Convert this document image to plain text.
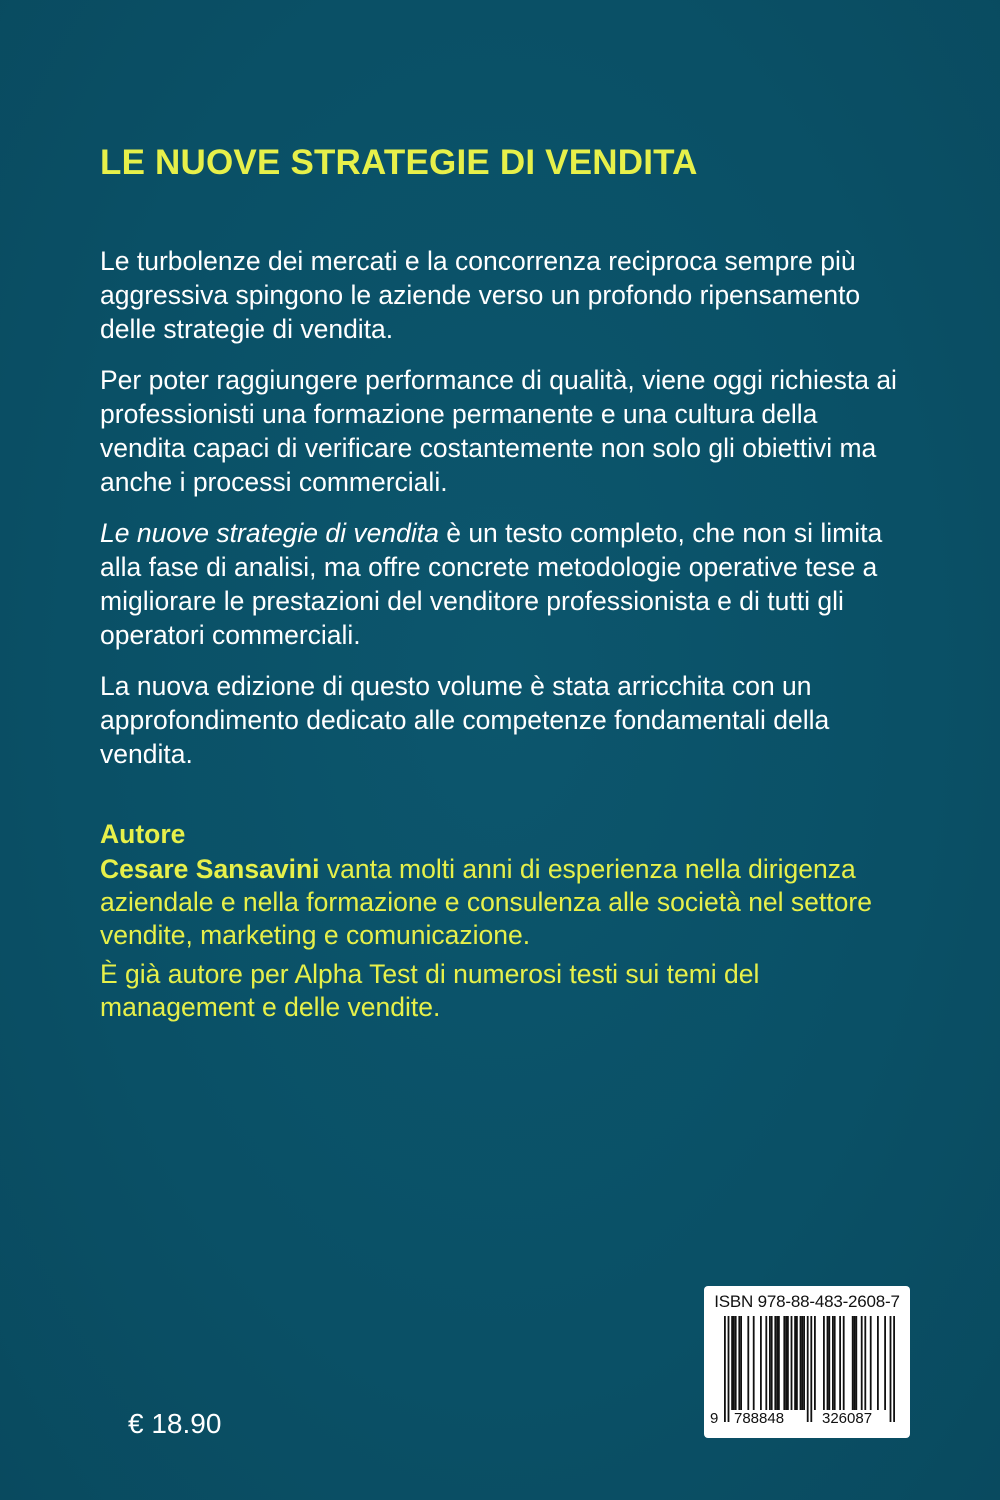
LE NUOVE STRATEGIE DI VENDITA

Le turbolenze dei mercati e la concorrenza reciproca sempre più aggressiva spingono le aziende verso un profondo ripensamento delle strategie di vendita.

Per poter raggiungere performance di qualità, viene oggi richiesta ai professionisti una formazione permanente e una cultura della vendita capaci di verificare costantemente non solo gli obiettivi ma anche i processi commerciali.

Le nuove strategie di vendita è un testo completo, che non si limita alla fase di analisi, ma offre concrete metodologie operative tese a migliorare le prestazioni del venditore professionista e di tutti gli operatori commerciali.

La nuova edizione di questo volume è stata arricchita con un approfondimento dedicato alle competenze fondamentali della vendita.

Autore

Cesare Sansavini vanta molti anni di esperienza nella dirigenza aziendale e nella formazione e consulenza alle società nel settore vendite, marketing e comunicazione.

È già autore per Alpha Test di numerosi testi sui temi del management e delle vendite.

€ 18.90
ISBN 978-88-483-2608-7
9 788848	326087
